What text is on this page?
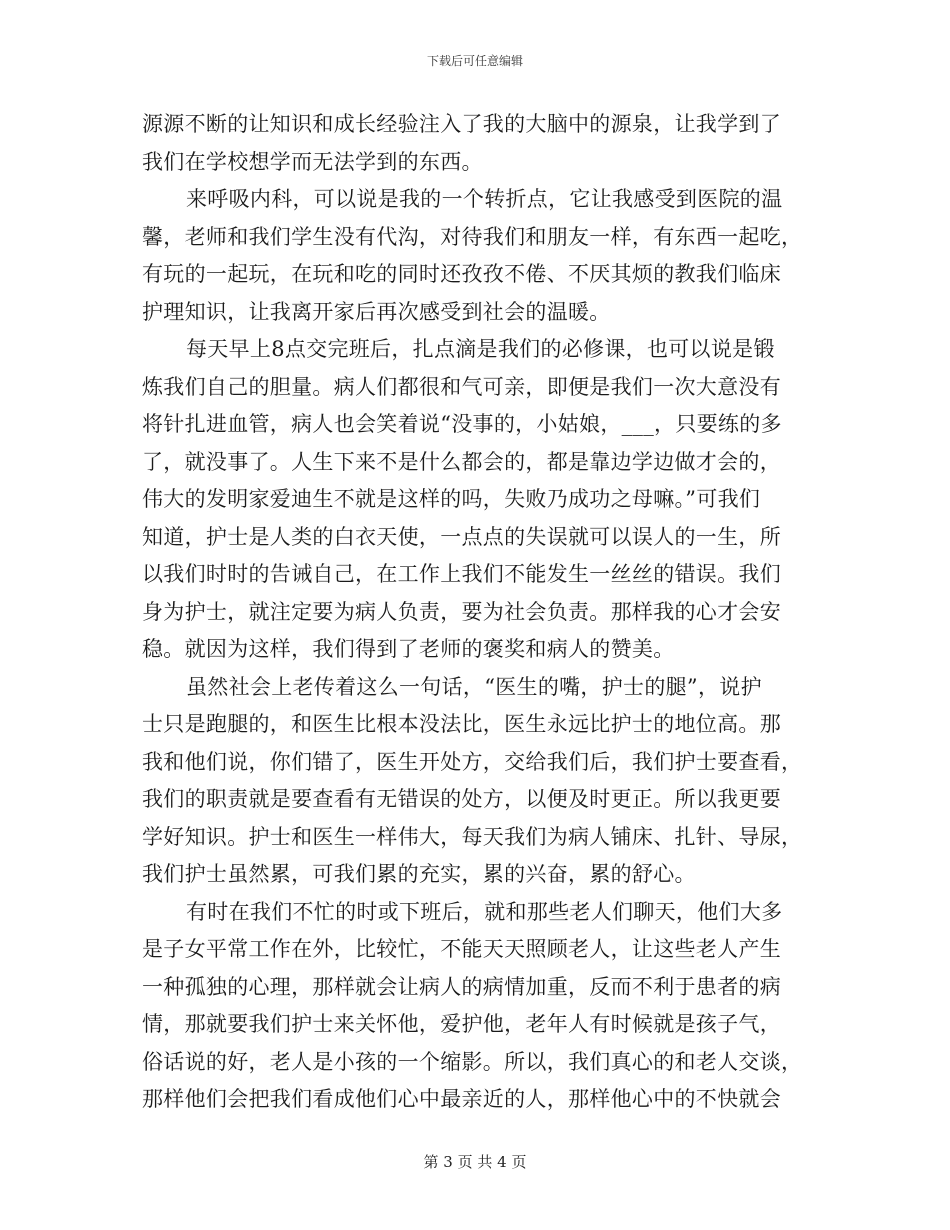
下载后可任意编辑
源源不断的让知识和成长经验注入了我的大脑中的源泉，让我学到了
我们在学校想学而无法学到的东西。
来呼吸内科，可以说是我的一个转折点，它让我感受到医院的温
馨，老师和我们学生没有代沟，对待我们和朋友一样，有东西一起吃，
有玩的一起玩，在玩和吃的同时还孜孜不倦、不厌其烦的教我们临床
护理知识，让我离开家后再次感受到社会的温暖。
每天早上8点交完班后，扎点滴是我们的必修课，也可以说是锻
炼我们自己的胆量。病人们都很和气可亲，即便是我们一次大意没有
将针扎进血管，病人也会笑着说“没事的，小姑娘，___，只要练的多
了，就没事了。人生下来不是什么都会的，都是靠边学边做才会的，
伟大的发明家爱迪生不就是这样的吗，失败乃成功之母嘛。”可我们
知道，护士是人类的白衣天使，一点点的失误就可以误人的一生，所
以我们时时的告诫自己，在工作上我们不能发生一丝丝的错误。我们
身为护士，就注定要为病人负责，要为社会负责。那样我的心才会安
稳。就因为这样，我们得到了老师的褒奖和病人的赞美。
虽然社会上老传着这么一句话，“医生的嘴，护士的腿”，说护
士只是跑腿的，和医生比根本没法比，医生永远比护士的地位高。那
我和他们说，你们错了，医生开处方，交给我们后，我们护士要查看，
我们的职责就是要查看有无错误的处方，以便及时更正。所以我更要
学好知识。护士和医生一样伟大，每天我们为病人铺床、扎针、导尿，
我们护士虽然累，可我们累的充实，累的兴奋，累的舒心。
有时在我们不忙的时或下班后，就和那些老人们聊天，他们大多
是子女平常工作在外，比较忙，不能天天照顾老人，让这些老人产生
一种孤独的心理，那样就会让病人的病情加重，反而不利于患者的病
情，那就要我们护士来关怀他，爱护他，老年人有时候就是孩子气，
俗话说的好，老人是小孩的一个缩影。所以，我们真心的和老人交谈，
那样他们会把我们看成他们心中最亲近的人，那样他心中的不快就会
第 3 页 共 4 页
